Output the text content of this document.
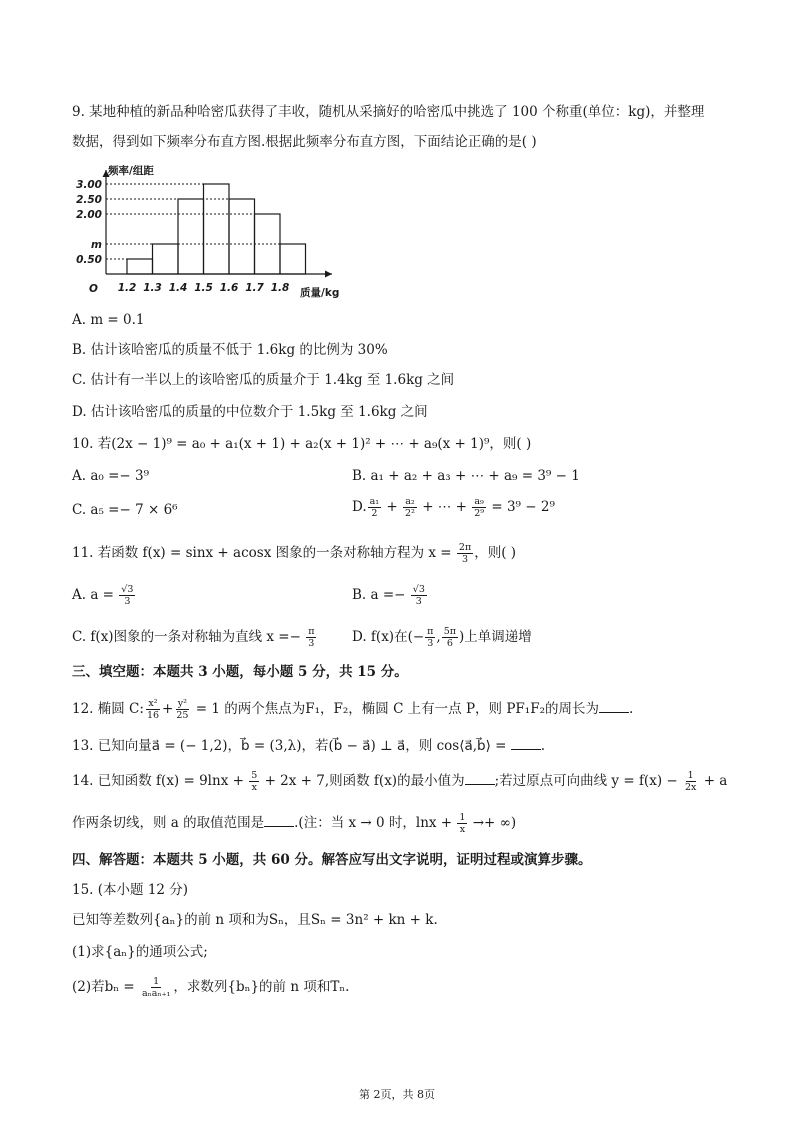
9. 某地种植的新品种哈密瓜获得了丰收，随机从采摘好的哈密瓜中挑选了 100 个称重(单位：kg)，并整理
数据，得到如下频率分布直方图.根据此频率分布直方图，下面结论正确的是( )
频率/组距
O	质量/kg
0.50
m
2.00
2.50
3.00
1.2 1.3 1.4 1.5 1.6 1.7 1.8
A. m = 0.1
B. 估计该哈密瓜的质量不低于 1.6kg 的比例为 30%
C. 估计有一半以上的该哈密瓜的质量介于 1.4kg 至 1.6kg 之间
D. 估计该哈密瓜的质量的中位数介于 1.5kg 至 1.6kg 之间
10. 若(2x − 1)⁹ = a₀ + a₁(x + 1) + a₂(x + 1)² + ⋯ + a₉(x + 1)⁹，则( )
A. a₀ =− 3⁹	B. a₁ + a₂ + a₃ + ⋯ + a₉ = 3⁹ − 1
C. a₅ =− 7 × 6⁶	D. $\frac{\text{a₁}}{2} + \frac{\text{a₂}}{\text{2²}}$ + ⋯ + $\frac{\text{a₉}}{\text{2⁹}} = 3^9 - 2^9$
11. 若函数 f(x) = sinx + acosx 图象的一条对称轴方程为 $x = \frac{2\pi}{3}$ ，则( )
A. $a = \frac{√3}{3}$	B. $a =- \frac{√3}{3}$
C. f(x)图象的一条对称轴为直线 $x =- \frac{\pi}{3}$	D. f(x)在(− $\frac{\pi}{3}$ , $\frac{5\pi}{6}$ )上单调递增
三、填空题：本题共 3 小题，每小题 5 分，共 15 分。
12. 椭圆 C: $\frac{\text{x²}}{16} + \frac{\text{y²}}{25} = 1$ 的两个焦点为F₁，F₂，椭圆 C 上有一点 P，则 PF₁F₂的周长为 .
13. 已知向量a⃗ = (− 1,2)，b⃗ = (3,λ)，若(b⃗ − a⃗) ⊥ a⃗，则 cos⟨a⃗,b⃗⟩ =	.
14. 已知函数 $f(x) = 9\ln x + \frac{5}{x} + 2x + 7$,则函数 f(x)的最小值为 ;若过原点可向曲线 $y = f(x) - \frac{1}{2x} + a$
作两条切线，则 a 的取值范围是 .(注：当 x → 0 时，$\ln x + \frac{1}{x}$ →+ ∞)
四、解答题：本题共 5 小题，共 60 分。解答应写出文字说明，证明过程或演算步骤。
15. (本小题 12 分)
已知等差数列{aₙ}的前 n 项和为Sₙ，且Sₙ = 3n² + kn + k.
(1)求{aₙ}的通项公式;
(2)若$b_n = \frac{1}{\text{aₙaₙ₊₁}}$ ，求数列{bₙ}的前 n 项和Tₙ.
第 2页，共 8页
